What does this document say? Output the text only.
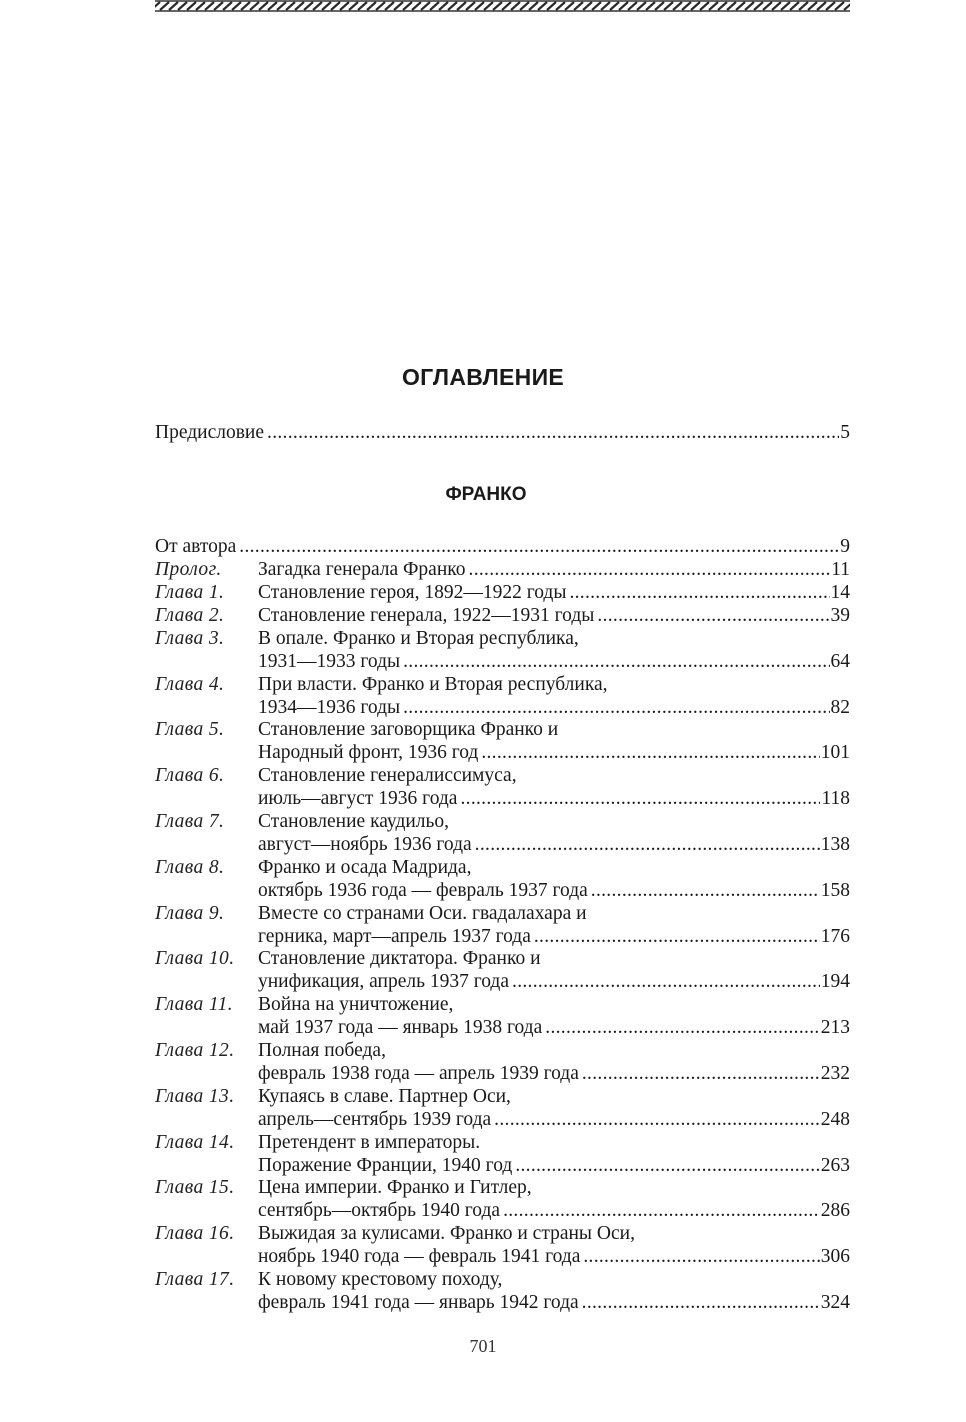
ОГЛАВЛЕНИЕ
Предисловие .....	5
ФРАНКО
От автора .....	9
Пролог. Загадка генерала Франко .....	11
Глава 1. Становление героя, 1892—1922 годы .....	14
Глава 2. Становление генерала, 1922—1931 годы .....	39
Глава 3. В опале. Франко и Вторая республика,
1931—1933 годы .....	64
Глава 4. При власти. Франко и Вторая республика,
1934—1936 годы .....	82
Глава 5. Становление заговорщика Франко и
Народный фронт, 1936 год .....	101
Глава 6. Становление генералиссимуса,
июль—август 1936 года .....	118
Глава 7. Становление каудильо,
август—ноябрь 1936 года .....	138
Глава 8. Франко и осада Мадрида,
октябрь 1936 года — февраль 1937 года .....	158
Глава 9. Вместе со странами Оси. гвадалахара и
герника, март—апрель 1937 года .....	176
Глава 10. Становление диктатора. Франко и
унификация, апрель 1937 года .....	194
Глава 11. Война на уничтожение,
май 1937 года — январь 1938 года .....	213
Глава 12. Полная победа,
февраль 1938 года — апрель 1939 года .....	232
Глава 13. Купаясь в славе. Партнер Оси,
апрель—сентябрь 1939 года .....	248
Глава 14. Претендент в императоры.
Поражение Франции, 1940 год .....	263
Глава 15. Цена империи. Франко и Гитлер,
сентябрь—октябрь 1940 года .....	286
Глава 16. Выжидая за кулисами. Франко и страны Оси,
ноябрь 1940 года — февраль 1941 года .....	306
Глава 17. К новому крестовому походу,
февраль 1941 года — январь 1942 года .....	324
701
